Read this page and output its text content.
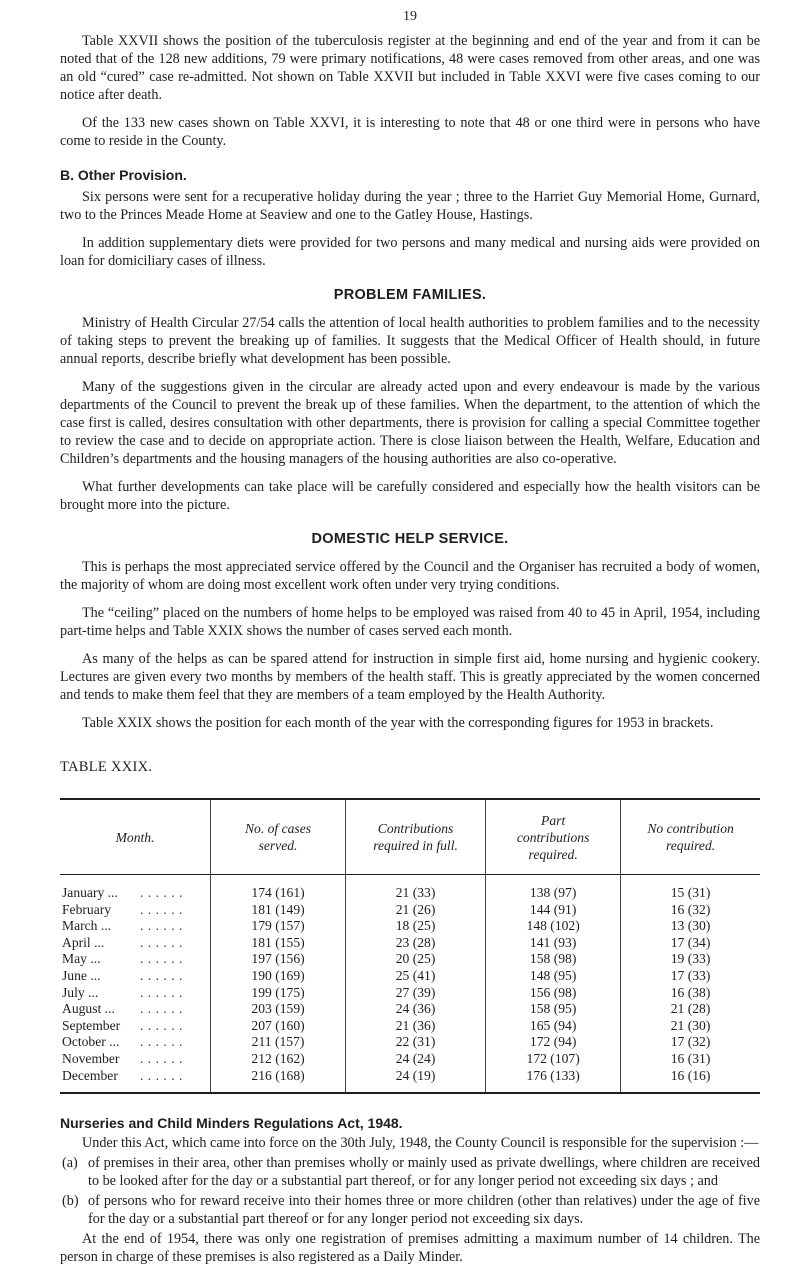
19

Table XXVII shows the position of the tuberculosis register at the beginning and end of the year and from it can be noted that of the 128 new additions, 79 were primary notifications, 48 were cases removed from other areas, and one was an old “cured” case re-admitted. Not shown on Table XXVII but included in Table XXVI were five cases coming to our notice after death.

Of the 133 new cases shown on Table XXVI, it is interesting to note that 48 or one third were in persons who have come to reside in the County.

B. Other Provision.

Six persons were sent for a recuperative holiday during the year ; three to the Harriet Guy Memorial Home, Gurnard, two to the Princes Meade Home at Seaview and one to the Gatley House, Hastings.

In addition supplementary diets were provided for two persons and many medical and nursing aids were provided on loan for domiciliary cases of illness.

PROBLEM FAMILIES.

Ministry of Health Circular 27/54 calls the attention of local health authorities to problem families and to the necessity of taking steps to prevent the breaking up of families. It suggests that the Medical Officer of Health should, in future annual reports, describe briefly what development has been possible.

Many of the suggestions given in the circular are already acted upon and every endeavour is made by the various departments of the Council to prevent the break up of these families. When the department, to the attention of which the case first is called, desires consultation with other departments, there is provision for calling a special Committee together to review the case and to decide on appropriate action. There is close liaison between the Health, Welfare, Education and Children’s departments and the housing managers of the housing authorities are also co-operative.

What further developments can take place will be carefully considered and especially how the health visitors can be brought more into the picture.

DOMESTIC HELP SERVICE.

This is perhaps the most appreciated service offered by the Council and the Organiser has recruited a body of women, the majority of whom are doing most excellent work often under very trying conditions.

The “ceiling” placed on the numbers of home helps to be employed was raised from 40 to 45 in April, 1954, including part-time helps and Table XXIX shows the number of cases served each month.

As many of the helps as can be spared attend for instruction in simple first aid, home nursing and hygienic cookery. Lectures are given every two months by members of the health staff. This is greatly appreciated by the women concerned and tends to make them feel that they are members of a team employed by the Health Authority.

Table XXIX shows the position for each month of the year with the corresponding figures for 1953 in brackets.

TABLE XXIX.
Month.	No. of cases served.	Contributions required in full.	Part contributions required.	No contribution required.

January ... . . . . . .	174 (161)	21 (33)	138 (97)	15 (31)
February . . . . . .	181 (149)	21 (26)	144 (91)	16 (32)
March ... . . . . . .	179 (157)	18 (25)	148 (102)	13 (30)
April ... . . . . . .	181 (155)	23 (28)	141 (93)	17 (34)
May ... . . . . . .	197 (156)	20 (25)	158 (98)	19 (33)
June ... . . . . . .	190 (169)	25 (41)	148 (95)	17 (33)
July ... . . . . . .	199 (175)	27 (39)	156 (98)	16 (38)
August ... . . . . . .	203 (159)	24 (36)	158 (95)	21 (28)
September . . . . . .	207 (160)	21 (36)	165 (94)	21 (30)
October ... . . . . . .	211 (157)	22 (31)	172 (94)	17 (32)
November . . . . . .	212 (162)	24 (24)	172 (107)	16 (31)
December . . . . . .	216 (168)	24 (19)	176 (133)	16 (16)
Nurseries and Child Minders Regulations Act, 1948.

Under this Act, which came into force on the 30th July, 1948, the County Council is responsible for the supervision :—

(a) of premises in their area, other than premises wholly or mainly used as private dwellings, where children are received to be looked after for the day or a substantial part thereof, or for any longer period not exceeding six days ; and
(b) of persons who for reward receive into their homes three or more children (other than relatives) under the age of five for the day or a substantial part thereof or for any longer period not exceeding six days.

At the end of 1954, there was only one registration of premises admitting a maximum number of 14 children. The person in charge of these premises is also registered as a Daily Minder.
